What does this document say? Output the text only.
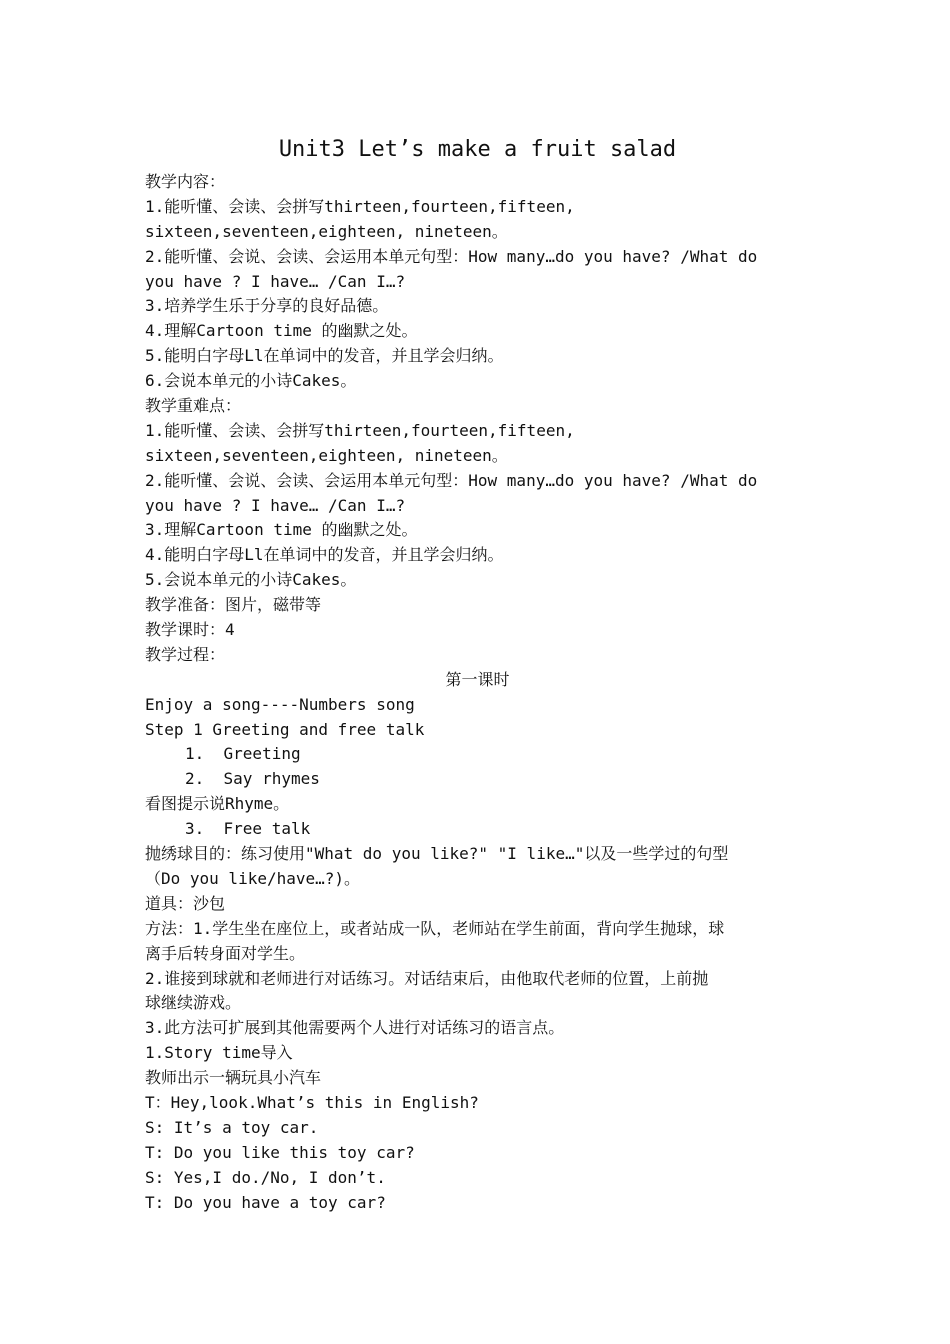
Unit3 Let’s make a fruit salad
教学内容：
1.能听懂、会读、会拼写thirteen,fourteen,fifteen,
sixteen,seventeen,eighteen, nineteen。
2.能听懂、会说、会读、会运用本单元句型：How many…do you have? /What do
you have ? I have… /Can I…?
3.培养学生乐于分享的良好品德。
4.理解Cartoon time 的幽默之处。
5.能明白字母Ll在单词中的发音，并且学会归纳。
6.会说本单元的小诗Cakes。
教学重难点：
1.能听懂、会读、会拼写thirteen,fourteen,fifteen,
sixteen,seventeen,eighteen, nineteen。
2.能听懂、会说、会读、会运用本单元句型：How many…do you have? /What do
you have ? I have… /Can I…?
3.理解Cartoon time 的幽默之处。
4.能明白字母Ll在单词中的发音，并且学会归纳。
5.会说本单元的小诗Cakes。
教学准备：图片，磁带等
教学课时：4
教学过程：
第一课时
Enjoy a song----Numbers song
Step 1 Greeting and free talk
1.  Greeting
2.  Say rhymes
看图提示说Rhyme。
3.  Free talk
抛绣球目的：练习使用"What do you like?" "I like…"以及一些学过的句型
（Do you like/have…?)。
道具：沙包
方法：1.学生坐在座位上，或者站成一队，老师站在学生前面，背向学生抛球，球
离手后转身面对学生。
2.谁接到球就和老师进行对话练习。对话结束后，由他取代老师的位置，上前抛
球继续游戏。
3.此方法可扩展到其他需要两个人进行对话练习的语言点。
1.Story time导入
教师出示一辆玩具小汽车
T：Hey,look.What’s this in English?
S: It’s a toy car.
T: Do you like this toy car?
S: Yes,I do./No, I don’t.
T: Do you have a toy car?
